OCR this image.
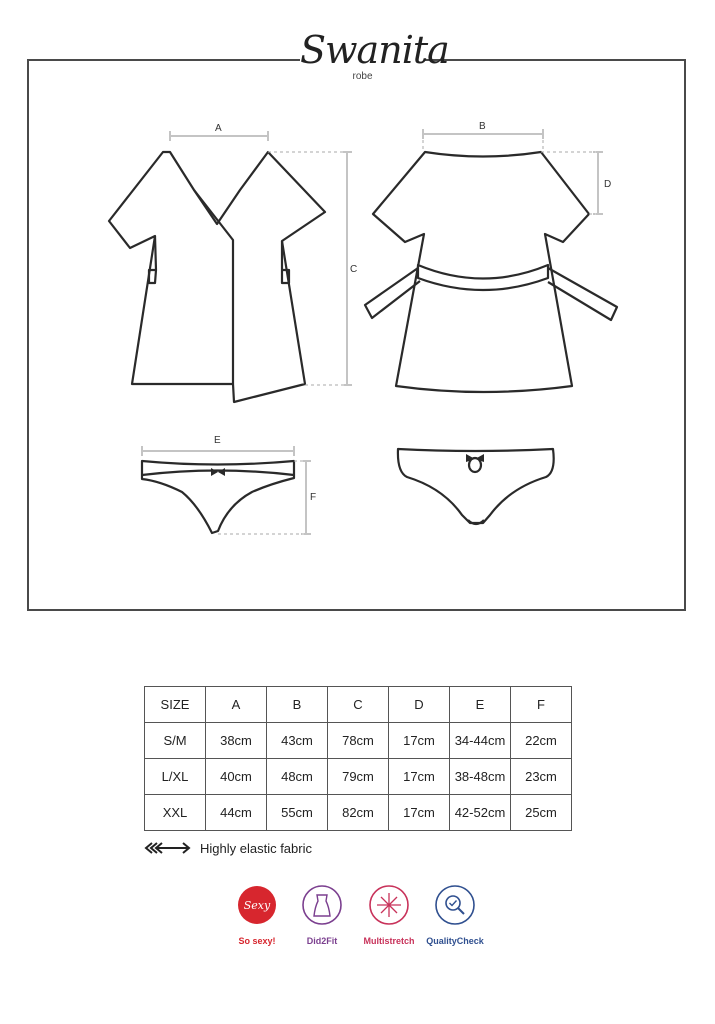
Swanita
robe
A	B
C
D
E
F
SIZE	A	B	C	D	E	F
S/M	38cm	43cm	78cm	17cm	34-44cm	22cm
L/XL	40cm	48cm	79cm	17cm	38-48cm	23cm
XXL	44cm	55cm	82cm	17cm	42-52cm	25cm
Highly elastic fabric
Sexy
So sexy!	Did2Fit	Multistretch	QualityCheck
